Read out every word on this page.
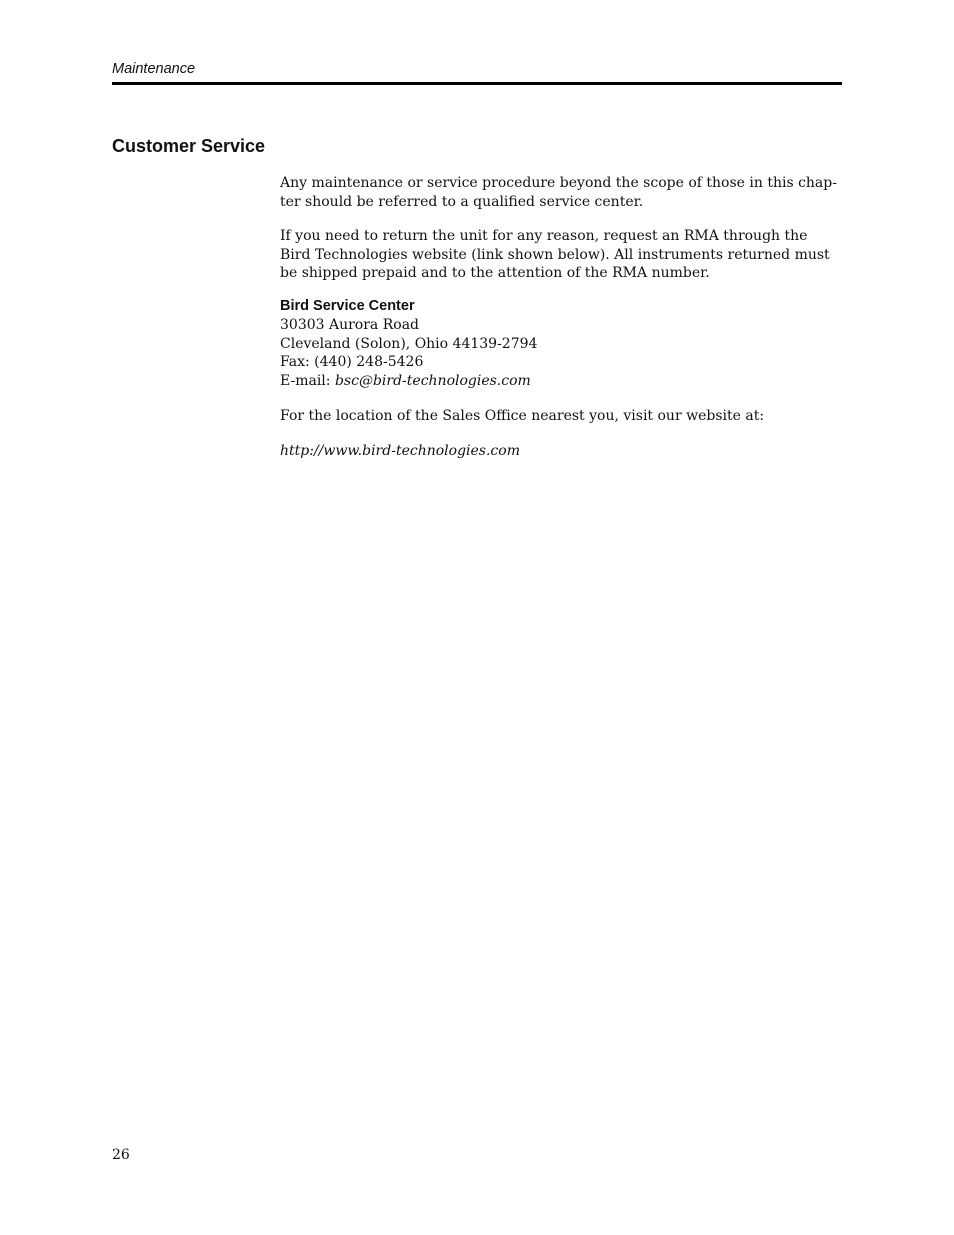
Maintenance
Customer Service

Any maintenance or service procedure beyond the scope of those in this chap-
ter should be referred to a qualified service center.

If you need to return the unit for any reason, request an RMA through the
Bird Technologies website (link shown below). All instruments returned must
be shipped prepaid and to the attention of the RMA number.

Bird Service Center
30303 Aurora Road
Cleveland (Solon), Ohio 44139-2794
Fax: (440) 248-5426
E-mail: bsc@bird-technologies.com

For the location of the Sales Office nearest you, visit our website at:

http://www.bird-technologies.com

26
